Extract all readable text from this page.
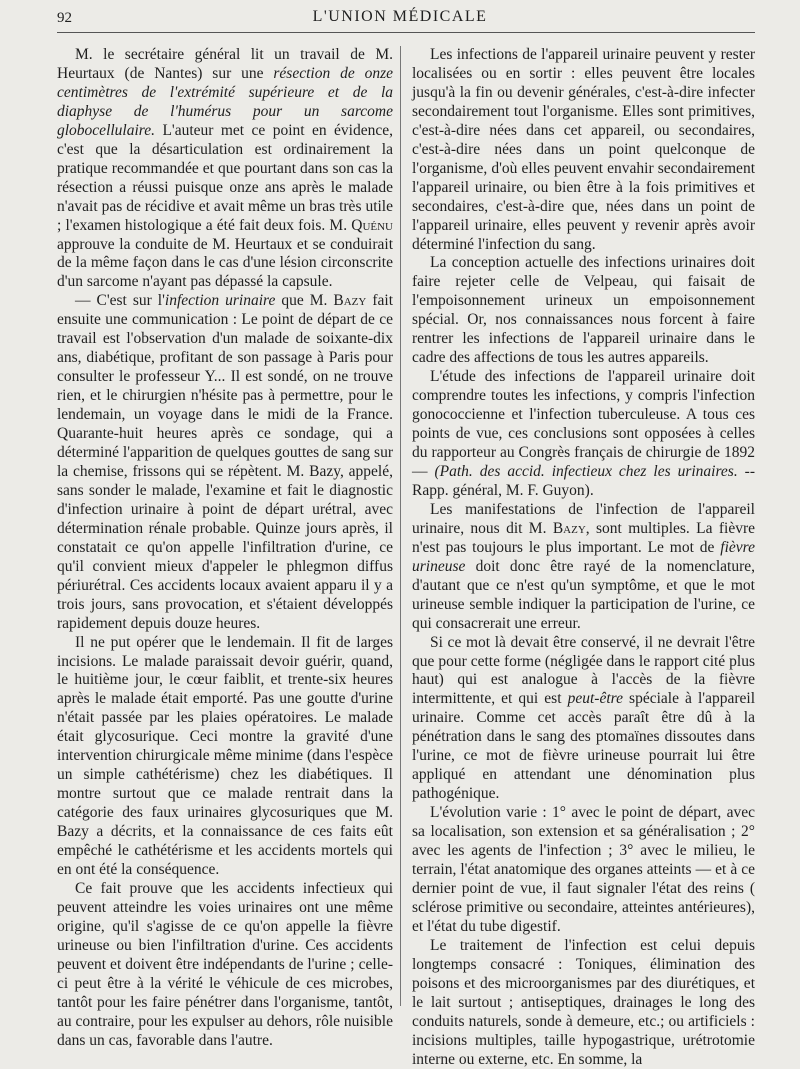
92	L'UNION MÉDICALE

M. le secrétaire général lit un travail de M. Heurtaux (de Nantes) sur une résection de onze centimètres de l'extrémité supérieure et de la diaphyse de l'humérus pour un sarcome globocellulaire. L'auteur met ce point en évidence, c'est que la désarticulation est ordinairement la pratique recommandée et que pourtant dans son cas la résection a réussi puisque onze ans après le malade n'avait pas de récidive et avait même un bras très utile ; l'examen histologique a été fait deux fois. M. Quénu approuve la conduite de M. Heurtaux et se conduirait de la même façon dans le cas d'une lésion circonscrite d'un sarcome n'ayant pas dépassé la capsule.

— C'est sur l'infection urinaire que M. Bazy fait ensuite une communication : Le point de départ de ce travail est l'observation d'un malade de soixante-dix ans, diabétique, profitant de son passage à Paris pour consulter le professeur Y... Il est sondé, on ne trouve rien, et le chirurgien n'hésite pas à permettre, pour le lendemain, un voyage dans le midi de la France. Quarante-huit heures après ce sondage, qui a déterminé l'apparition de quelques gouttes de sang sur la chemise, frissons qui se répètent. M. Bazy, appelé, sans sonder le malade, l'examine et fait le diagnostic d'infection urinaire à point de départ urétral, avec détermination rénale probable. Quinze jours après, il constatait ce qu'on appelle l'infiltration d'urine, ce qu'il convient mieux d'appeler le phlegmon diffus périurétral. Ces accidents locaux avaient apparu il y a trois jours, sans provocation, et s'étaient développés rapidement depuis douze heures.

Il ne put opérer que le lendemain. Il fit de larges incisions. Le malade paraissait devoir guérir, quand, le huitième jour, le cœur faiblit, et trente-six heures après le malade était emporté. Pas une goutte d'urine n'était passée par les plaies opératoires. Le malade était glycosurique. Ceci montre la gravité d'une intervention chirurgicale même minime (dans l'espèce un simple cathétérisme) chez les diabétiques. Il montre surtout que ce malade rentrait dans la catégorie des faux urinaires glycosuriques que M. Bazy a décrits, et la connaissance de ces faits eût empêché le cathétérisme et les accidents mortels qui en ont été la conséquence.

Ce fait prouve que les accidents infectieux qui peuvent atteindre les voies urinaires ont une même origine, qu'il s'agisse de ce qu'on appelle la fièvre urineuse ou bien l'infiltration d'urine. Ces accidents peuvent et doivent être indépendants de l'urine ; celle-ci peut être à la vérité le véhicule de ces microbes, tantôt pour les faire pénétrer dans l'organisme, tantôt, au contraire, pour les expulser au dehors, rôle nuisible dans un cas, favorable dans l'autre.

Les infections de l'appareil urinaire peuvent y rester localisées ou en sortir : elles peuvent être locales jusqu'à la fin ou devenir générales, c'est-à-dire infecter secondairement tout l'organisme. Elles sont primitives, c'est-à-dire nées dans cet appareil, ou secondaires, c'est-à-dire nées dans un point quelconque de l'organisme, d'où elles peuvent envahir secondairement l'appareil urinaire, ou bien être à la fois primitives et secondaires, c'est-à-dire que, nées dans un point de l'appareil urinaire, elles peuvent y revenir après avoir déterminé l'infection du sang.

La conception actuelle des infections urinaires doit faire rejeter celle de Velpeau, qui faisait de l'empoisonnement urineux un empoisonnement spécial. Or, nos connaissances nous forcent à faire rentrer les infections de l'appareil urinaire dans le cadre des affections de tous les autres appareils.

L'étude des infections de l'appareil urinaire doit comprendre toutes les infections, y compris l'infection gonococcienne et l'infection tuberculeuse. A tous ces points de vue, ces conclusions sont opposées à celles du rapporteur au Congrès français de chirurgie de 1892 — (Path. des accid. infectieux chez les urinaires. -- Rapp. général, M. F. Guyon).

Les manifestations de l'infection de l'appareil urinaire, nous dit M. Bazy, sont multiples. La fièvre n'est pas toujours le plus important. Le mot de fièvre urineuse doit donc être rayé de la nomenclature, d'autant que ce n'est qu'un symptôme, et que le mot urineuse semble indiquer la participation de l'urine, ce qui consacrerait une erreur.

Si ce mot là devait être conservé, il ne devrait l'être que pour cette forme (négligée dans le rapport cité plus haut) qui est analogue à l'accès de la fièvre intermittente, et qui est peut-être spéciale à l'appareil urinaire. Comme cet accès paraît être dû à la pénétration dans le sang des ptomaïnes dissoutes dans l'urine, ce mot de fièvre urineuse pourrait lui être appliqué en attendant une dénomination plus pathogénique.

L'évolution varie : 1° avec le point de départ, avec sa localisation, son extension et sa généralisation ; 2° avec les agents de l'infection ; 3° avec le milieu, le terrain, l'état anatomique des organes atteints — et à ce dernier point de vue, il faut signaler l'état des reins ( sclérose primitive ou secondaire, atteintes antérieures), et l'état du tube digestif.

Le traitement de l'infection est celui depuis longtemps consacré : Toniques, élimination des poisons et des microorganismes par des diurétiques, et le lait surtout ; antiseptiques, drainages le long des conduits naturels, sonde à demeure, etc.; ou artificiels : incisions multiples, taille hypogastrique, urétrotomie interne ou externe, etc. En somme, la
